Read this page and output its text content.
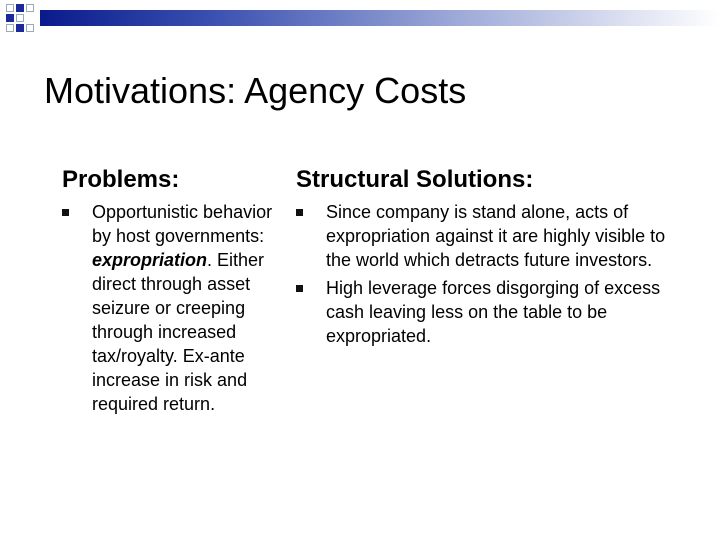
Motivations: Agency Costs
Problems:
Opportunistic behavior by host governments: expropriation. Either direct through asset seizure or creeping through increased tax/royalty. Ex-ante increase in risk and required return.
Structural Solutions:
Since company is stand alone, acts of expropriation against it are highly visible to the world which detracts future investors.
High leverage forces disgorging of excess cash leaving less on the table to be expropriated.
